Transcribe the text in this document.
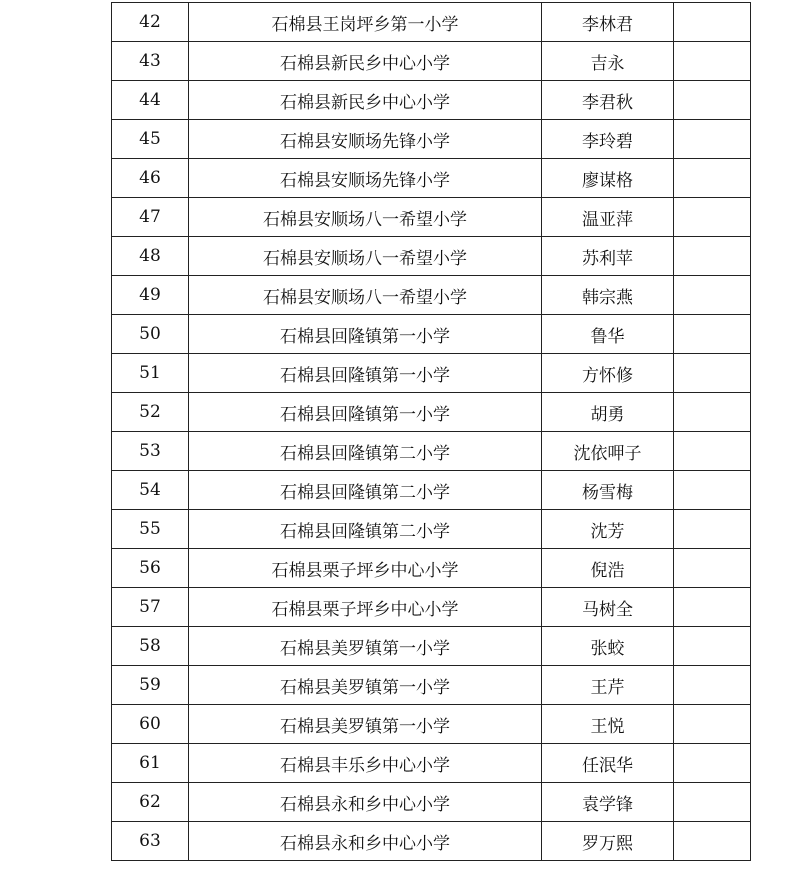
42	石棉县王岗坪乡第一小学	李林君	
43	石棉县新民乡中心小学	吉永	
44	石棉县新民乡中心小学	李君秋	
45	石棉县安顺场先锋小学	李玲碧	
46	石棉县安顺场先锋小学	廖谋格	
47	石棉县安顺场八一希望小学	温亚萍	
48	石棉县安顺场八一希望小学	苏利苹	
49	石棉县安顺场八一希望小学	韩宗燕	
50	石棉县回隆镇第一小学	鲁华	
51	石棉县回隆镇第一小学	方怀修	
52	石棉县回隆镇第一小学	胡勇	
53	石棉县回隆镇第二小学	沈依呷子	
54	石棉县回隆镇第二小学	杨雪梅	
55	石棉县回隆镇第二小学	沈芳	
56	石棉县栗子坪乡中心小学	倪浩	
57	石棉县栗子坪乡中心小学	马树全	
58	石棉县美罗镇第一小学	张蛟	
59	石棉县美罗镇第一小学	王芹	
60	石棉县美罗镇第一小学	王悦	
61	石棉县丰乐乡中心小学	任泯华	
62	石棉县永和乡中心小学	袁学锋	
63	石棉县永和乡中心小学	罗万熙	
